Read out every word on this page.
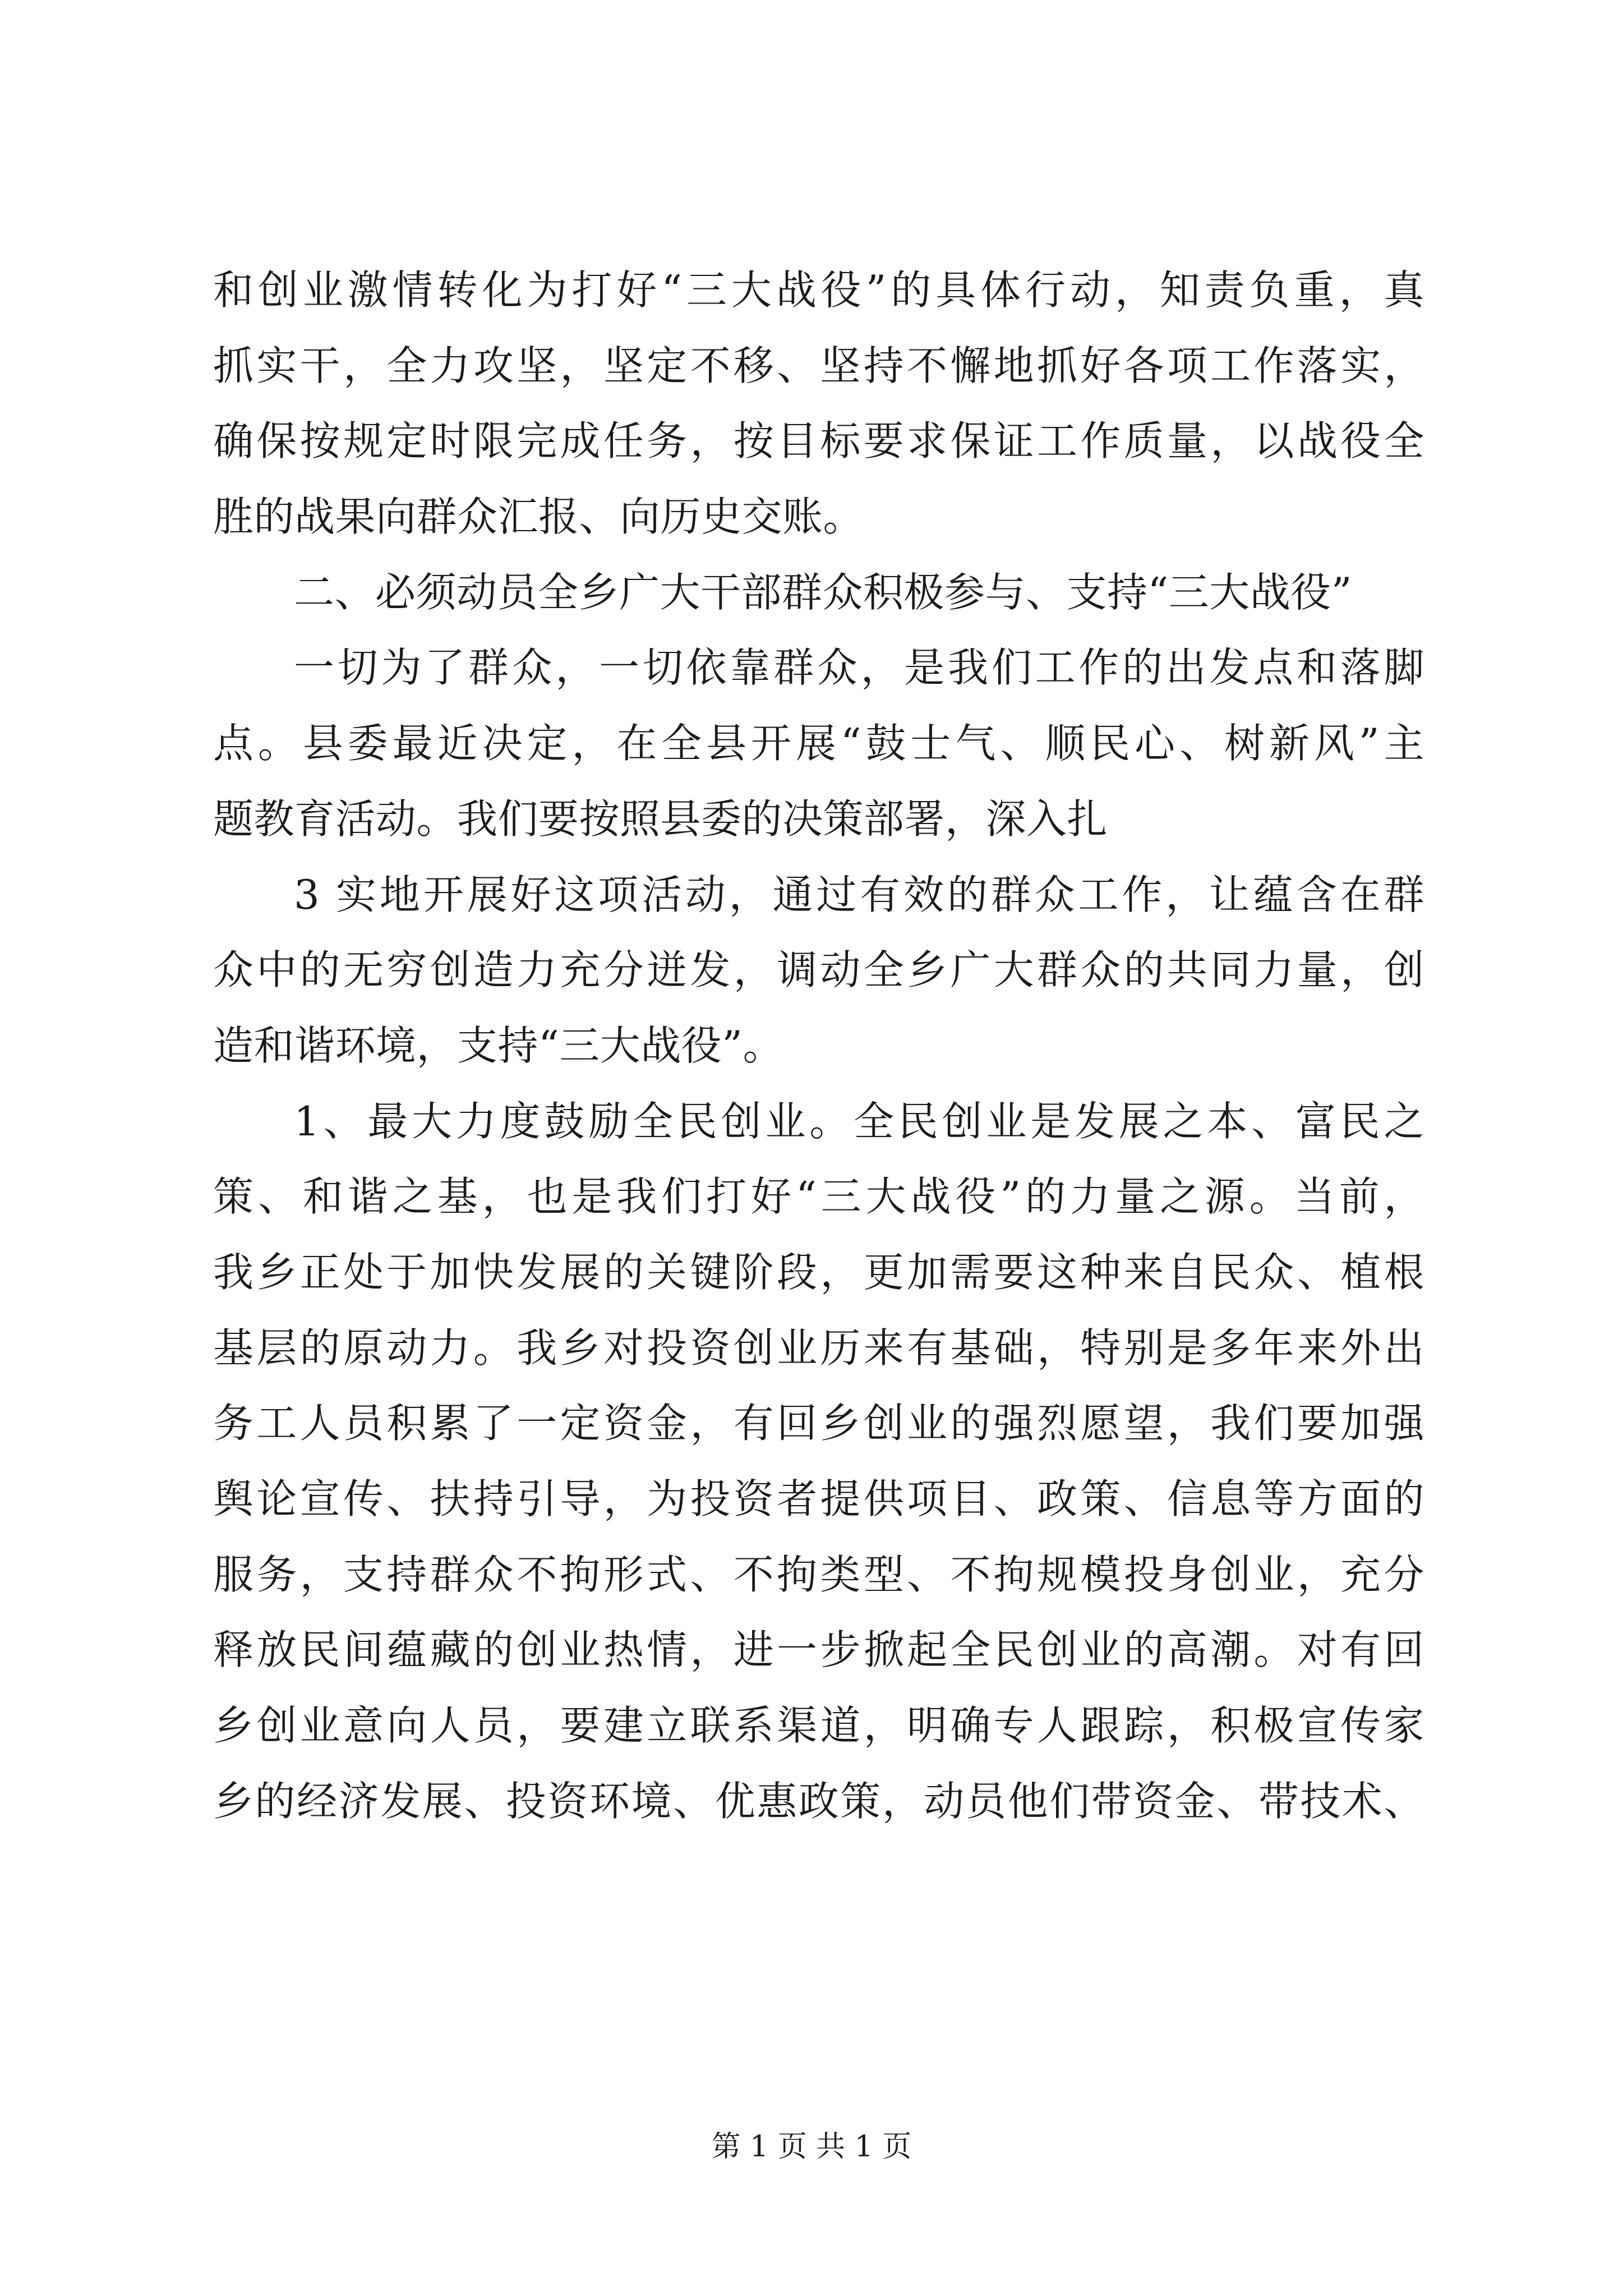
和创业激情转化为打好“三大战役”的具体行动，知责负重，真
抓实干，全力攻坚，坚定不移、坚持不懈地抓好各项工作落实，
确保按规定时限完成任务，按目标要求保证工作质量，以战役全
胜的战果向群众汇报、向历史交账。
二、必须动员全乡广大干部群众积极参与、支持“三大战役”
一切为了群众，一切依靠群众，是我们工作的出发点和落脚
点。县委最近决定，在全县开展“鼓士气、顺民心、树新风”主
题教育活动。我们要按照县委的决策部署，深入扎
3 实地开展好这项活动，通过有效的群众工作，让蕴含在群
众中的无穷创造力充分迸发，调动全乡广大群众的共同力量，创
造和谐环境，支持“三大战役”。
1、最大力度鼓励全民创业。全民创业是发展之本、富民之
策、和谐之基，也是我们打好“三大战役”的力量之源。当前，
我乡正处于加快发展的关键阶段，更加需要这种来自民众、植根
基层的原动力。我乡对投资创业历来有基础，特别是多年来外出
务工人员积累了一定资金，有回乡创业的强烈愿望，我们要加强
舆论宣传、扶持引导，为投资者提供项目、政策、信息等方面的
服务，支持群众不拘形式、不拘类型、不拘规模投身创业，充分
释放民间蕴藏的创业热情，进一步掀起全民创业的高潮。对有回
乡创业意向人员，要建立联系渠道，明确专人跟踪，积极宣传家
乡的经济发展、投资环境、优惠政策，动员他们带资金、带技术、
第 1 页 共 1 页
